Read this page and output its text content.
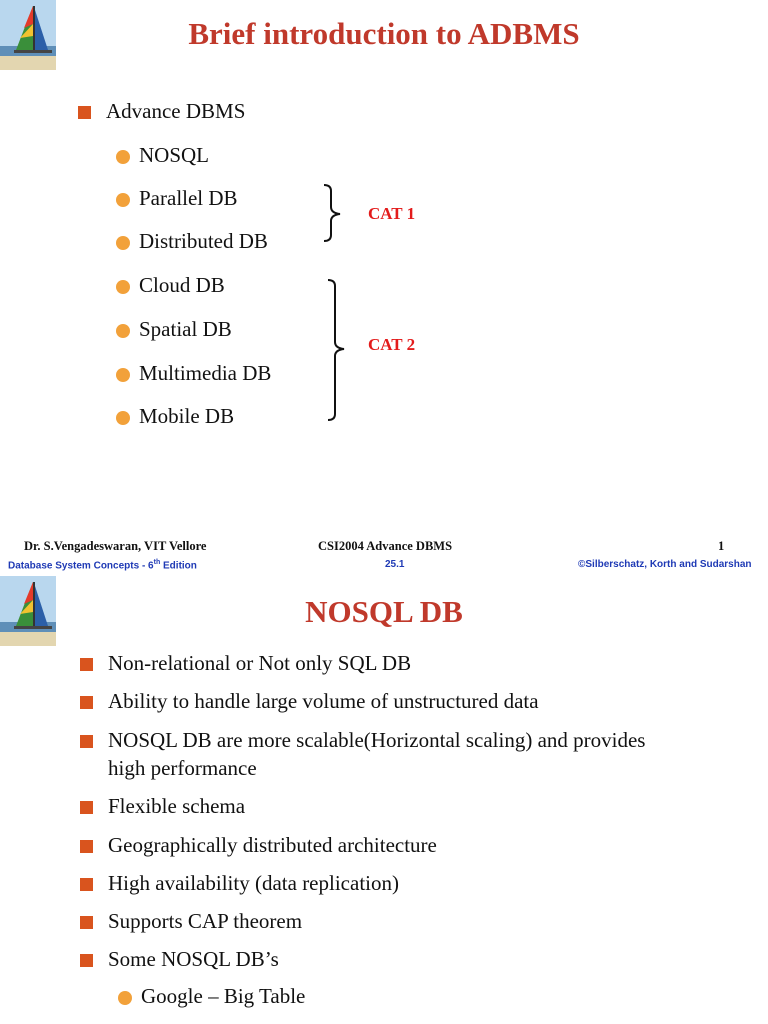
Brief introduction to ADBMS
Advance DBMS
NOSQL
Parallel DB
Distributed DB
Cloud DB
Spatial DB
Multimedia DB
Mobile DB
CAT 1
CAT 2
Dr. S.Vengadeswaran, VIT Vellore	CSI2004 Advance DBMS	1
Database System Concepts - 6th Edition	25.1	©Silberschatz, Korth and Sudarshan
NOSQL DB
Non-relational or Not only SQL DB
Ability to handle large volume of unstructured data
NOSQL DB are more scalable(Horizontal scaling) and provides
high performance
Flexible schema
Geographically distributed architecture
High availability (data replication)
Supports CAP theorem
Some NOSQL DB’s
Google – Big Table
